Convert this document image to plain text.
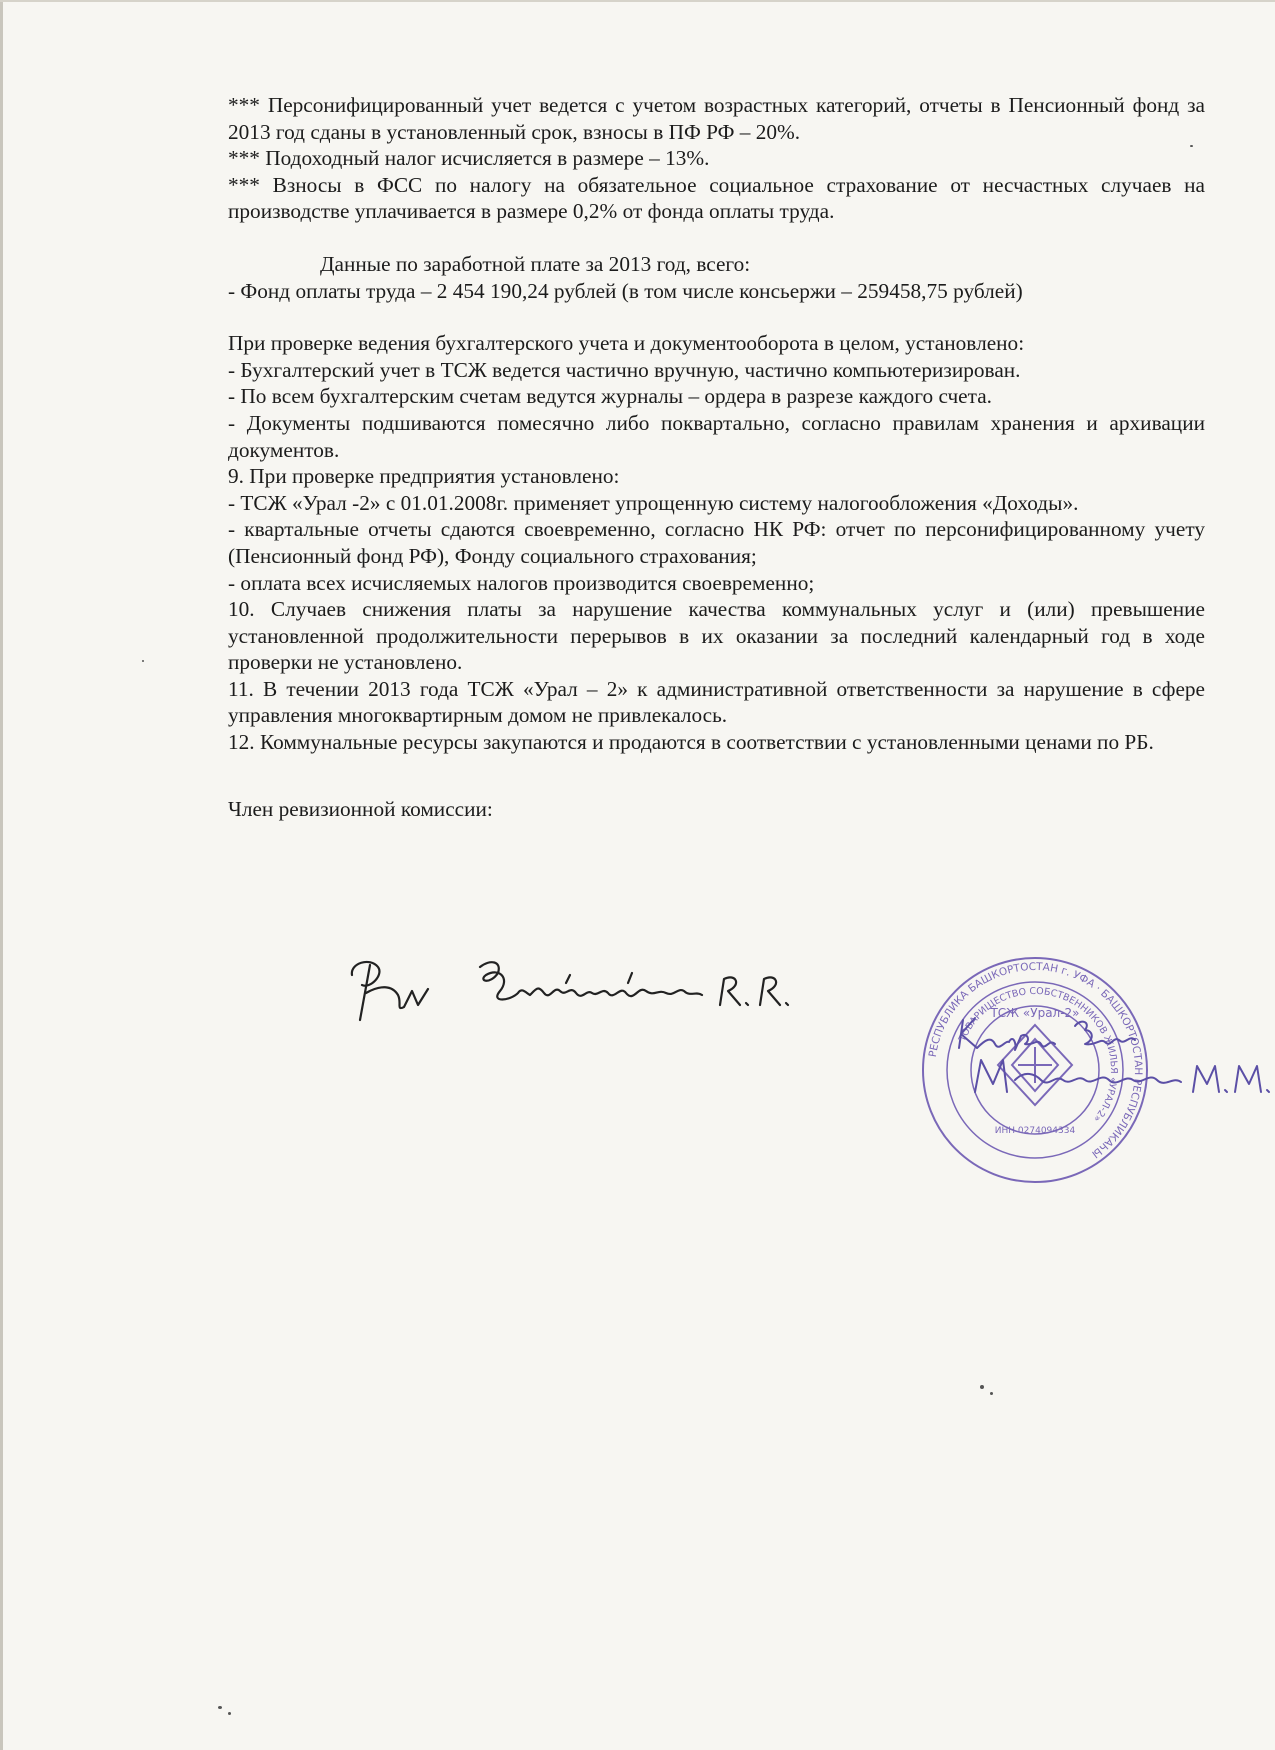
*** Персонифицированный учет ведется с учетом возрастных категорий, отчеты в Пенсионный фонд за 2013 год сданы в установленный срок, взносы в ПФ РФ – 20%.

*** Подоходный налог исчисляется в размере – 13%.

*** Взносы в ФСС по налогу на обязательное социальное страхование от несчастных случаев на производстве уплачивается в размере 0,2% от фонда оплаты труда.

Данные по заработной плате за 2013 год, всего:

- Фонд оплаты труда – 2 454 190,24 рублей (в том числе консьержи – 259458,75 рублей)

При проверке ведения бухгалтерского учета и документооборота в целом, установлено:

- Бухгалтерский учет в ТСЖ ведется частично вручную, частично компьютеризирован.

- По всем бухгалтерским счетам ведутся журналы – ордера в разрезе каждого счета.

- Документы подшиваются помесячно либо поквартально, согласно правилам хранения и архивации документов.

9. При проверке предприятия установлено:

- ТСЖ «Урал -2» с 01.01.2008г. применяет упрощенную систему налогообложения «Доходы».

- квартальные отчеты сдаются своевременно, согласно НК РФ: отчет по персонифицированному учету (Пенсионный фонд РФ), Фонду социального страхования;

- оплата всех исчисляемых налогов производится своевременно;

10. Случаев снижения платы за нарушение качества коммунальных услуг и (или) превышение установленной продолжительности перерывов в их оказании за последний календарный год в ходе проверки не установлено.

11. В течении 2013 года ТСЖ «Урал – 2» к административной ответственности за нарушение в сфере управления многоквартирным домом не привлекалось.

12. Коммунальные ресурсы закупаются и продаются в соответствии с установленными ценами по РБ.

Член ревизионной комиссии:

РЕСПУБЛИКА БАШКОРТОСТАН г. УФА · БАШКОРТОСТАН РЕСПУБЛИКАҺЫ
ТОВАРИЩЕСТВО СОБСТВЕННИКОВ ЖИЛЬЯ «УРАЛ-2»
ТСЖ «Урал-2»
ИНН 0274094334
